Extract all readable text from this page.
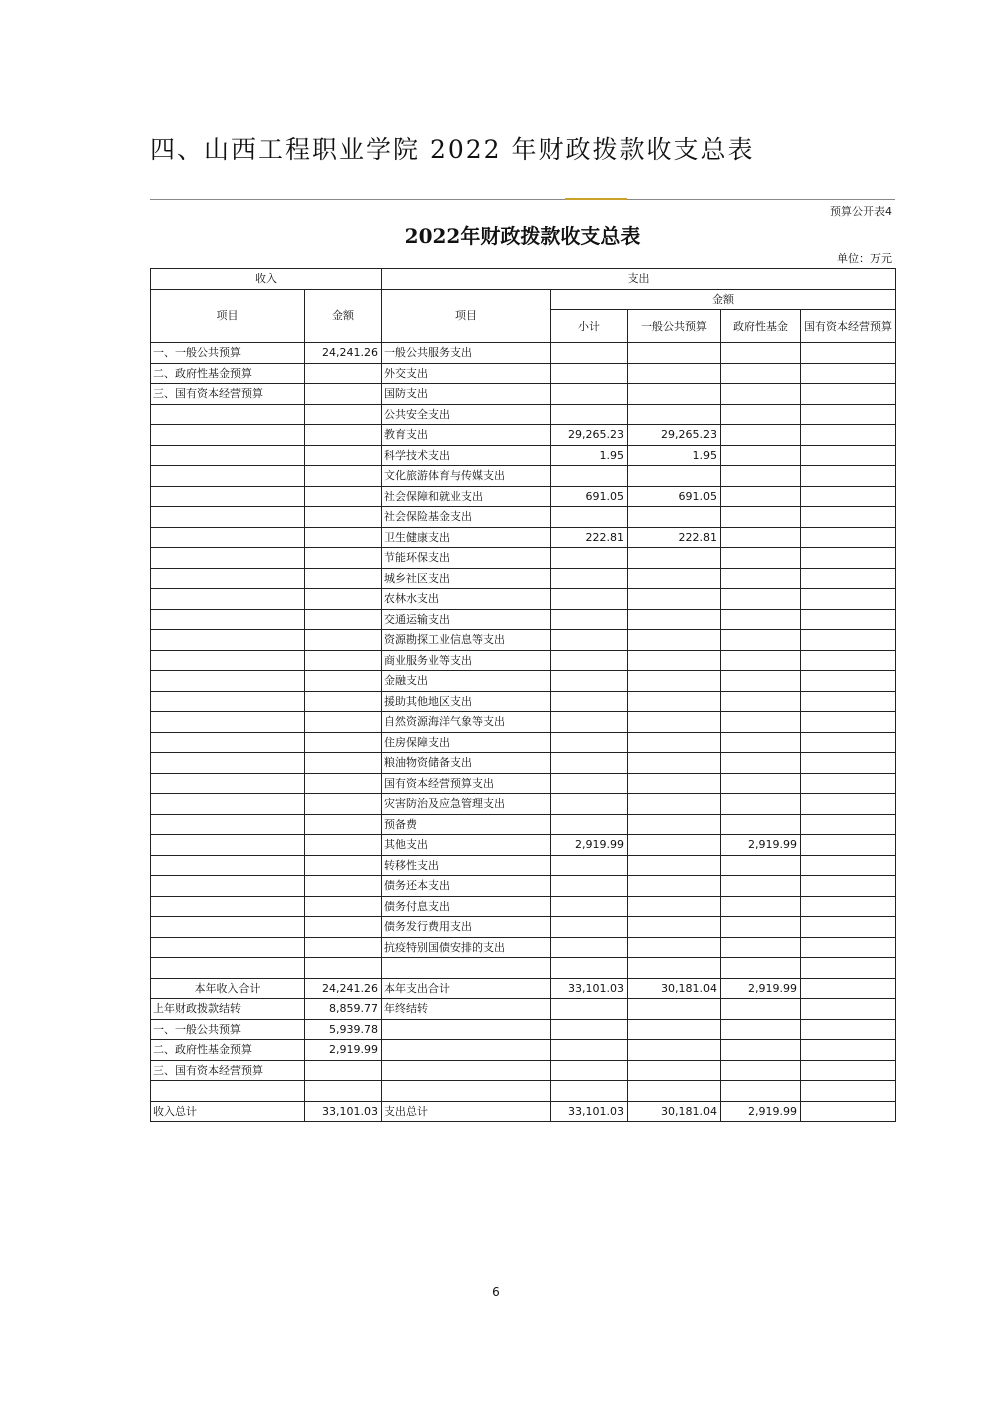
四、山西工程职业学院 2022 年财政拨款收支总表
预算公开表4
2022年财政拨款收支总表
单位：万元
收入		支出				
项目	金额	项目	金额			
			小计	一般公共预算	政府性基金	国有资本经营预算
一、一般公共预算	24,241.26	一般公共服务支出				
二、政府性基金预算		外交支出				
三、国有资本经营预算		国防支出				
		公共安全支出				
		教育支出	29,265.23	29,265.23		
		科学技术支出	1.95	1.95		
		文化旅游体育与传媒支出				
		社会保障和就业支出	691.05	691.05		
		社会保险基金支出				
		卫生健康支出	222.81	222.81		
		节能环保支出				
		城乡社区支出				
		农林水支出				
		交通运输支出				
		资源勘探工业信息等支出				
		商业服务业等支出				
		金融支出				
		援助其他地区支出				
		自然资源海洋气象等支出				
		住房保障支出				
		粮油物资储备支出				
		国有资本经营预算支出				
		灾害防治及应急管理支出				
		预备费				
		其他支出	2,919.99		2,919.99	
		转移性支出				
		债务还本支出				
		债务付息支出				
		债务发行费用支出				
		抗疫特别国债安排的支出				

本年收入合计	24,241.26	本年支出合计	33,101.03	30,181.04	2,919.99	
上年财政拨款结转	8,859.77	年终结转				
一、一般公共预算	5,939.78					
二、政府性基金预算	2,919.99					
三、国有资本经营预算						

收入总计	33,101.03	支出总计	33,101.03	30,181.04	2,919.99	
6
